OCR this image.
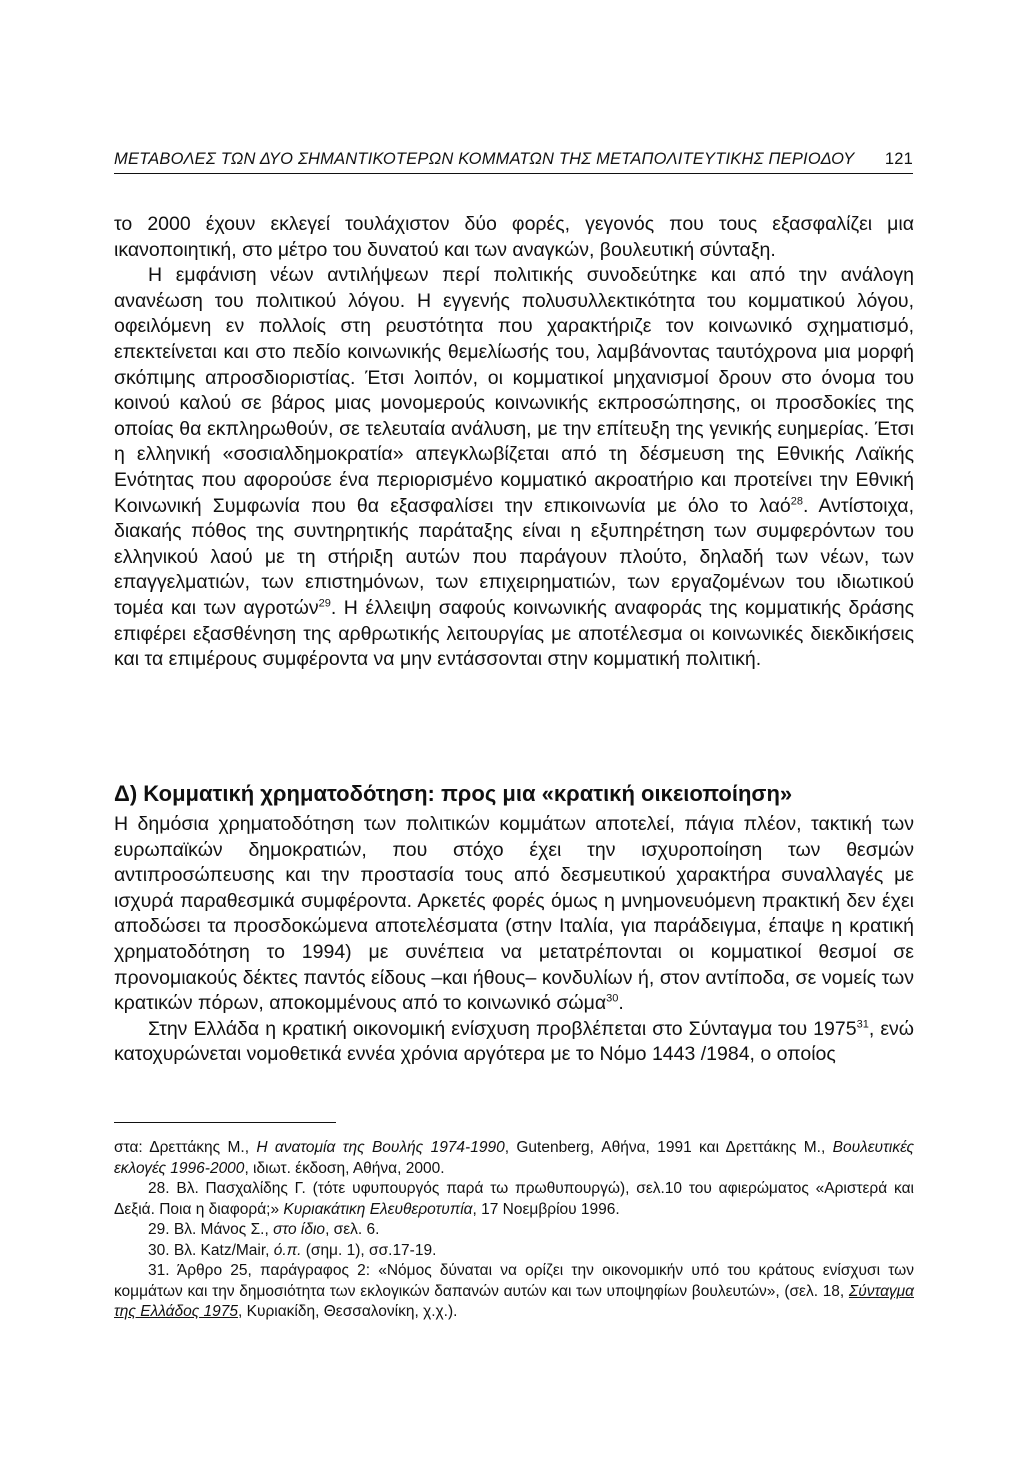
ΜΕΤΑΒΟΛΕΣ ΤΩΝ ΔΥΟ ΣΗΜΑΝΤΙΚΟΤΕΡΩΝ ΚΟΜΜΑΤΩΝ ΤΗΣ ΜΕΤΑΠΟΛΙΤΕΥΤΙΚΗΣ ΠΕΡΙΟΔΟΥ 121

το 2000 έχουν εκλεγεί τουλάχιστον δύο φορές, γεγονός που τους εξασφαλίζει μια ικανοποιητική, στο μέτρο του δυνατού και των αναγκών, βουλευτική σύνταξη.

Η εμφάνιση νέων αντιλήψεων περί πολιτικής συνοδεύτηκε και από την ανάλογη ανανέωση του πολιτικού λόγου. Η εγγενής πολυσυλλεκτικότητα του κομματικού λόγου, οφειλόμενη εν πολλοίς στη ρευστότητα που χαρακτήριζε τον κοινωνικό σχηματισμό, επεκτείνεται και στο πεδίο κοινωνικής θεμελίωσής του, λαμβάνοντας ταυτόχρονα μια μορφή σκόπιμης απροσδιοριστίας. Έτσι λοιπόν, οι κομματικοί μηχανισμοί δρουν στο όνομα του κοινού καλού σε βάρος μιας μονομερούς κοινωνικής εκπροσώπησης, οι προσδοκίες της οποίας θα εκπληρωθούν, σε τελευταία ανάλυση, με την επίτευξη της γενικής ευημερίας. Έτσι η ελληνική «σοσιαλδημοκρατία» απεγκλωβίζεται από τη δέσμευση της Εθνικής Λαϊκής Ενότητας που αφορούσε ένα περιορισμένο κομματικό ακροατήριο και προτείνει την Εθνική Κοινωνική Συμφωνία που θα εξασφαλίσει την επικοινωνία με όλο το λαό$^{28}$. Αντίστοιχα, διακαής πόθος της συντηρητικής παράταξης είναι η εξυπηρέτηση των συμφερόντων του ελληνικού λαού με τη στήριξη αυτών που παράγουν πλούτο, δηλαδή των νέων, των επαγγελματιών, των επιστημόνων, των επιχειρηματιών, των εργαζομένων του ιδιωτικού τομέα και των αγροτών$^{29}$. Η έλλειψη σαφούς κοινωνικής αναφοράς της κομματικής δράσης επιφέρει εξασθένηση της αρθρωτικής λειτουργίας με αποτέλεσμα οι κοινωνικές διεκδικήσεις και τα επιμέρους συμφέροντα να μην εντάσσονται στην κομματική πολιτική.

Δ) Κομματική χρηματοδότηση: προς μια «κρατική οικειοποίηση»

Η δημόσια χρηματοδότηση των πολιτικών κομμάτων αποτελεί, πάγια πλέον, τακτική των ευρωπαϊκών δημοκρατιών, που στόχο έχει την ισχυροποίηση των θεσμών αντιπροσώπευσης και την προστασία τους από δεσμευτικού χαρακτήρα συναλλαγές με ισχυρά παραθεσμικά συμφέροντα. Αρκετές φορές όμως η μνημονευόμενη πρακτική δεν έχει αποδώσει τα προσδοκώμενα αποτελέσματα (στην Ιταλία, για παράδειγμα, έπαψε η κρατική χρηματοδότηση το 1994) με συνέπεια να μετατρέπονται οι κομματικοί θεσμοί σε προνομιακούς δέκτες παντός είδους –και ήθους– κονδυλίων ή, στον αντίποδα, σε νομείς των κρατικών πόρων, αποκομμένους από το κοινωνικό σώμα$^{30}$.

Στην Ελλάδα η κρατική οικονομική ενίσχυση προβλέπεται στο Σύνταγμα του 1975$^{31}$, ενώ κατοχυρώνεται νομοθετικά εννέα χρόνια αργότερα με το Νόμο 1443 /1984, ο οποίος

στα: Δρεττάκης Μ., Η ανατομία της Βουλής 1974-1990, Gutenberg, Αθήνα, 1991 και Δρεττάκης Μ., Βουλευτικές εκλογές 1996-2000, ιδιωτ. έκδοση, Αθήνα, 2000.

28. Βλ. Πασχαλίδης Γ. (τότε υφυπουργός παρά τω πρωθυπουργώ), σελ.10 του αφιερώματος «Αριστερά και Δεξιά. Ποια η διαφορά;» Κυριακάτικη Ελευθεροτυπία, 17 Νοεμβρίου 1996.

29. Βλ. Μάνος Σ., στο ίδιο, σελ. 6.

30. Βλ. Katz/Mair, ό.π. (σημ. 1), σσ.17-19.

31. Άρθρο 25, παράγραφος 2: «Νόμος δύναται να ορίζει την οικονομικήν υπό του κράτους ενίσχυσι των κομμάτων και την δημοσιότητα των εκλογικών δαπανών αυτών και των υποψηφίων βουλευτών», (σελ. 18, Σύνταγμα της Ελλάδος 1975, Κυριακίδη, Θεσσαλονίκη, χ.χ.).
